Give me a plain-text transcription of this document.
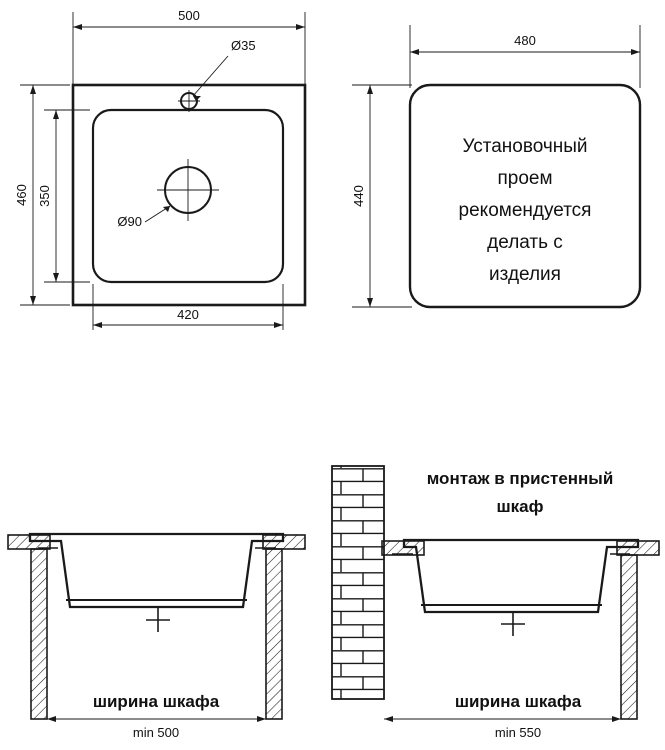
500
460 350
420
Ø35
Ø90
480
440
Установочный
проем
рекомендуется
делать с
изделия
ширина шкафа
min 500
монтаж в пристенный
шкаф
ширина шкафа
min 550
